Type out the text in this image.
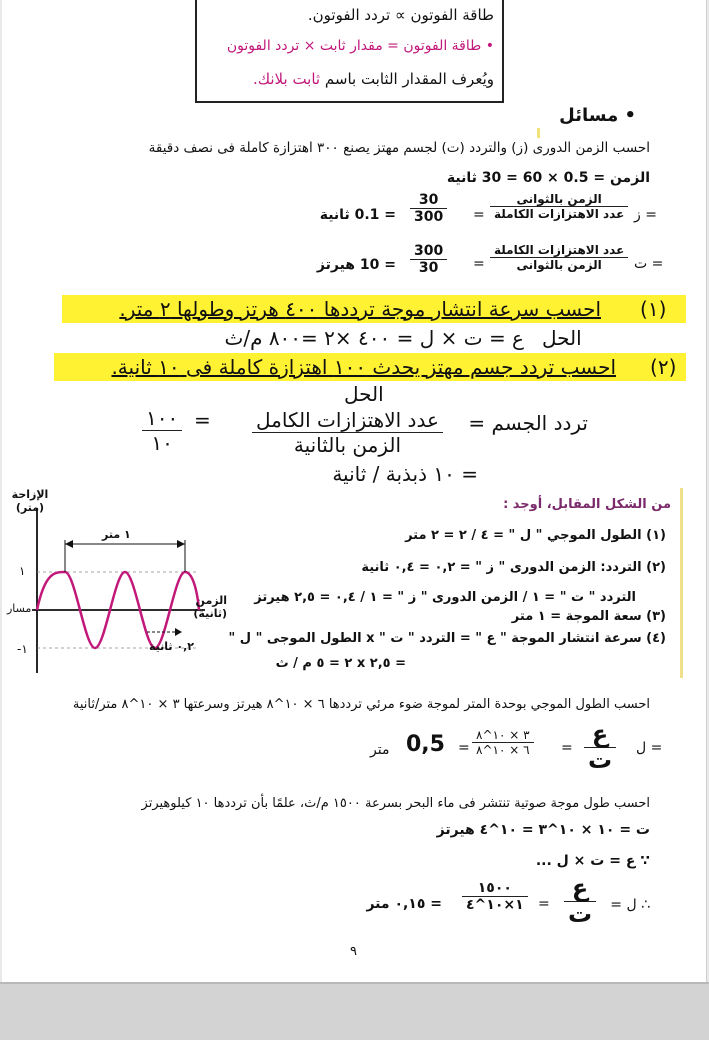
طاقة الفوتون ∝ تردد الفوتون.
• طاقة الفوتون = مقدار ثابت × تردد الفوتون
ويُعرف المقدار الثابت باسم ثابت بلانك.
• مسائل
احسب الزمن الدورى (ز) والتردد (ت) لجسم مهتز يصنع ٣٠٠ اهتزازة كاملة فى نصف دقيقة
الزمن = 0.5 × 60 = 30 ثانية
ز =
الزمن بالثوانى
عدد الاهتزازات الكاملة
=
$\frac{30}{300}$
= 0.1 ثانية
ت =
عدد الاهتزازات الكاملة
الزمن بالثوانى
=
$\frac{300}{30}$
= 10 هيرتز
(١)
احسب سرعة انتشار موجة ترددها ٤٠٠ هرتز وطولها ٢ متر.
الحل
ع = ت × ل = ٤٠٠ ×٢ =٨٠٠ م/ث
(٢)
احسب تردد جسم مهتز يحدث ١٠٠ اهتزازة كاملة فى ١٠ ثانية.
الحل
تردد الجسم =
عدد الاهتزازات الكامل
الزمن بالثانية
=
١٠٠
١٠
= ١٠ ذبذبة / ثانية
الإزاحة (متر)
الزمن (ثانية)
١ متر
٠,٢ ثانية
١
مسار
-١
من الشكل المقابل، أوجد :
(١) الطول الموجي " ل " = ٤ / ٢ = ٢ متر
(٢) التردد: الزمن الدورى " ز " = ٠,٢ = ٠,٤ ثانية
التردد " ت " = ١ / الزمن الدورى " ز " = ١ / ٠,٤ = ٢,٥ هيرتز
(٣) سعة الموجة = ١ متر
(٤) سرعة انتشار الموجة " ع " = التردد " ت " x الطول الموجى " ل "
= ٢,٥ x ٢ = ٥ م / ث
احسب الطول الموجي بوحدة المتر لموجة ضوء مرئي ترددها ٦ × ١٠^٨ هيرتز وسرعتها ٣ × ١٠^٨ متر/ثانية
ل =
ع
ت
=
٣ × ١٠^٨
٦ × ١٠^٨
=
0,5
متر
احسب طول موجة صوتية تنتشر فى ماء البحر بسرعة ١٥٠٠ م/ث، علمًا بأن ترددها ١٠ كيلوهيرتز
ت = ١٠ × ١٠^٣ = ١٠^٤ هيرتز
∵ ع = ت × ل ...
∴ ل =
ع
ت
=
١٥٠٠
١×١٠^٤
= ٠,١٥ متر
٩
